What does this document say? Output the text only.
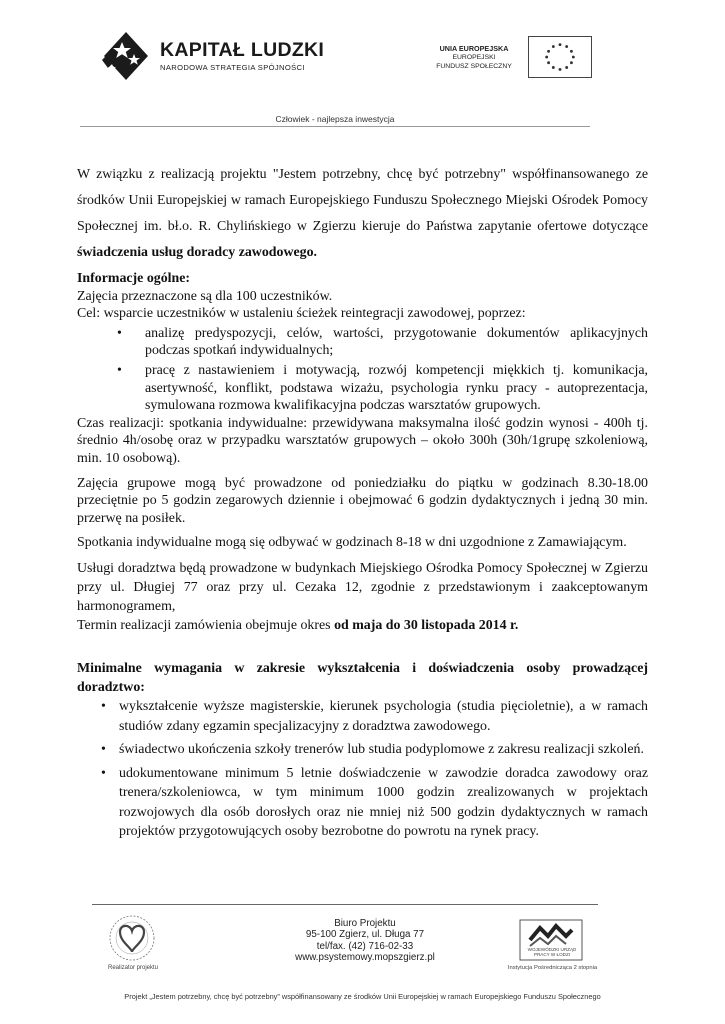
KAPITAŁ LUDZKI
NARODOWA STRATEGIA SPÓJNOŚCI
UNIA EUROPEJSKA
EUROPEJSKI
FUNDUSZ SPOŁECZNY
Człowiek - najlepsza inwestycja

W związku z realizacją projektu "Jestem potrzebny, chcę być potrzebny" współfinansowanego ze środków Unii Europejskiej w ramach Europejskiego Funduszu Społecznego Miejski Ośrodek Pomocy Społecznej im. bł.o. R. Chylińskiego w Zgierzu kieruje do Państwa zapytanie ofertowe dotyczące świadczenia usług doradcy zawodowego.

Informacje ogólne:
Zajęcia przeznaczone są dla 100 uczestników.
Cel: wsparcie uczestników w ustaleniu ścieżek reintegracji zawodowej, poprzez:
• analizę predyspozycji, celów, wartości, przygotowanie dokumentów aplikacyjnych podczas spotkań indywidualnych;
• pracę z nastawieniem i motywacją, rozwój kompetencji miękkich tj. komunikacja, asertywność, konflikt, podstawa wizażu, psychologia rynku pracy - autoprezentacja, symulowana rozmowa kwalifikacyjna podczas warsztatów grupowych.
Czas realizacji: spotkania indywidualne: przewidywana maksymalna ilość godzin wynosi - 400h tj. średnio 4h/osobę oraz w przypadku warsztatów grupowych – około 300h (30h/1grupę szkoleniową, min. 10 osobową).

Zajęcia grupowe mogą być prowadzone od poniedziałku do piątku w godzinach 8.30-18.00 przeciętnie po 5 godzin zegarowych dziennie i obejmować 6 godzin dydaktycznych i jedną 30 min. przerwę na posiłek.

Spotkania indywidualne mogą się odbywać w godzinach 8-18 w dni uzgodnione z Zamawiającym.

Usługi doradztwa będą prowadzone w budynkach Miejskiego Ośrodka Pomocy Społecznej w Zgierzu przy ul. Długiej 77 oraz przy ul. Cezaka 12, zgodnie z przedstawionym i zaakceptowanym harmonogramem,

Termin realizacji zamówienia obejmuje okres od maja do 30 listopada 2014 r.

Minimalne wymagania w zakresie wykształcenia i doświadczenia osoby prowadzącej doradztwo:

• wykształcenie wyższe magisterskie, kierunek psychologia (studia pięcioletnie), a w ramach studiów zdany egzamin specjalizacyjny z doradztwa zawodowego.
• świadectwo ukończenia szkoły trenerów lub studia podyplomowe z zakresu realizacji szkoleń.
• udokumentowane minimum 5 letnie doświadczenie w zawodzie doradca zawodowy oraz trenera/szkoleniowca, w tym minimum 1000 godzin zrealizowanych w projektach rozwojowych dla osób dorosłych oraz nie mniej niż 500 godzin dydaktycznych w ramach projektów przygotowujących osoby bezrobotne do powrotu na rynek pracy.
Realizator projektu
Biuro Projektu
95-100 Zgierz, ul. Długa 77
tel/fax. (42) 716-02-33
www.psystemowy.mopszgierz.pl
WOJEWÓDZKI URZĄD PRACY W ŁODZI
Instytucja Pośrednicząca 2 stopnia
Projekt „Jestem potrzebny, chcę być potrzebny” współfinansowany ze środków Unii Europejskiej w ramach Europejskiego Funduszu Społecznego
